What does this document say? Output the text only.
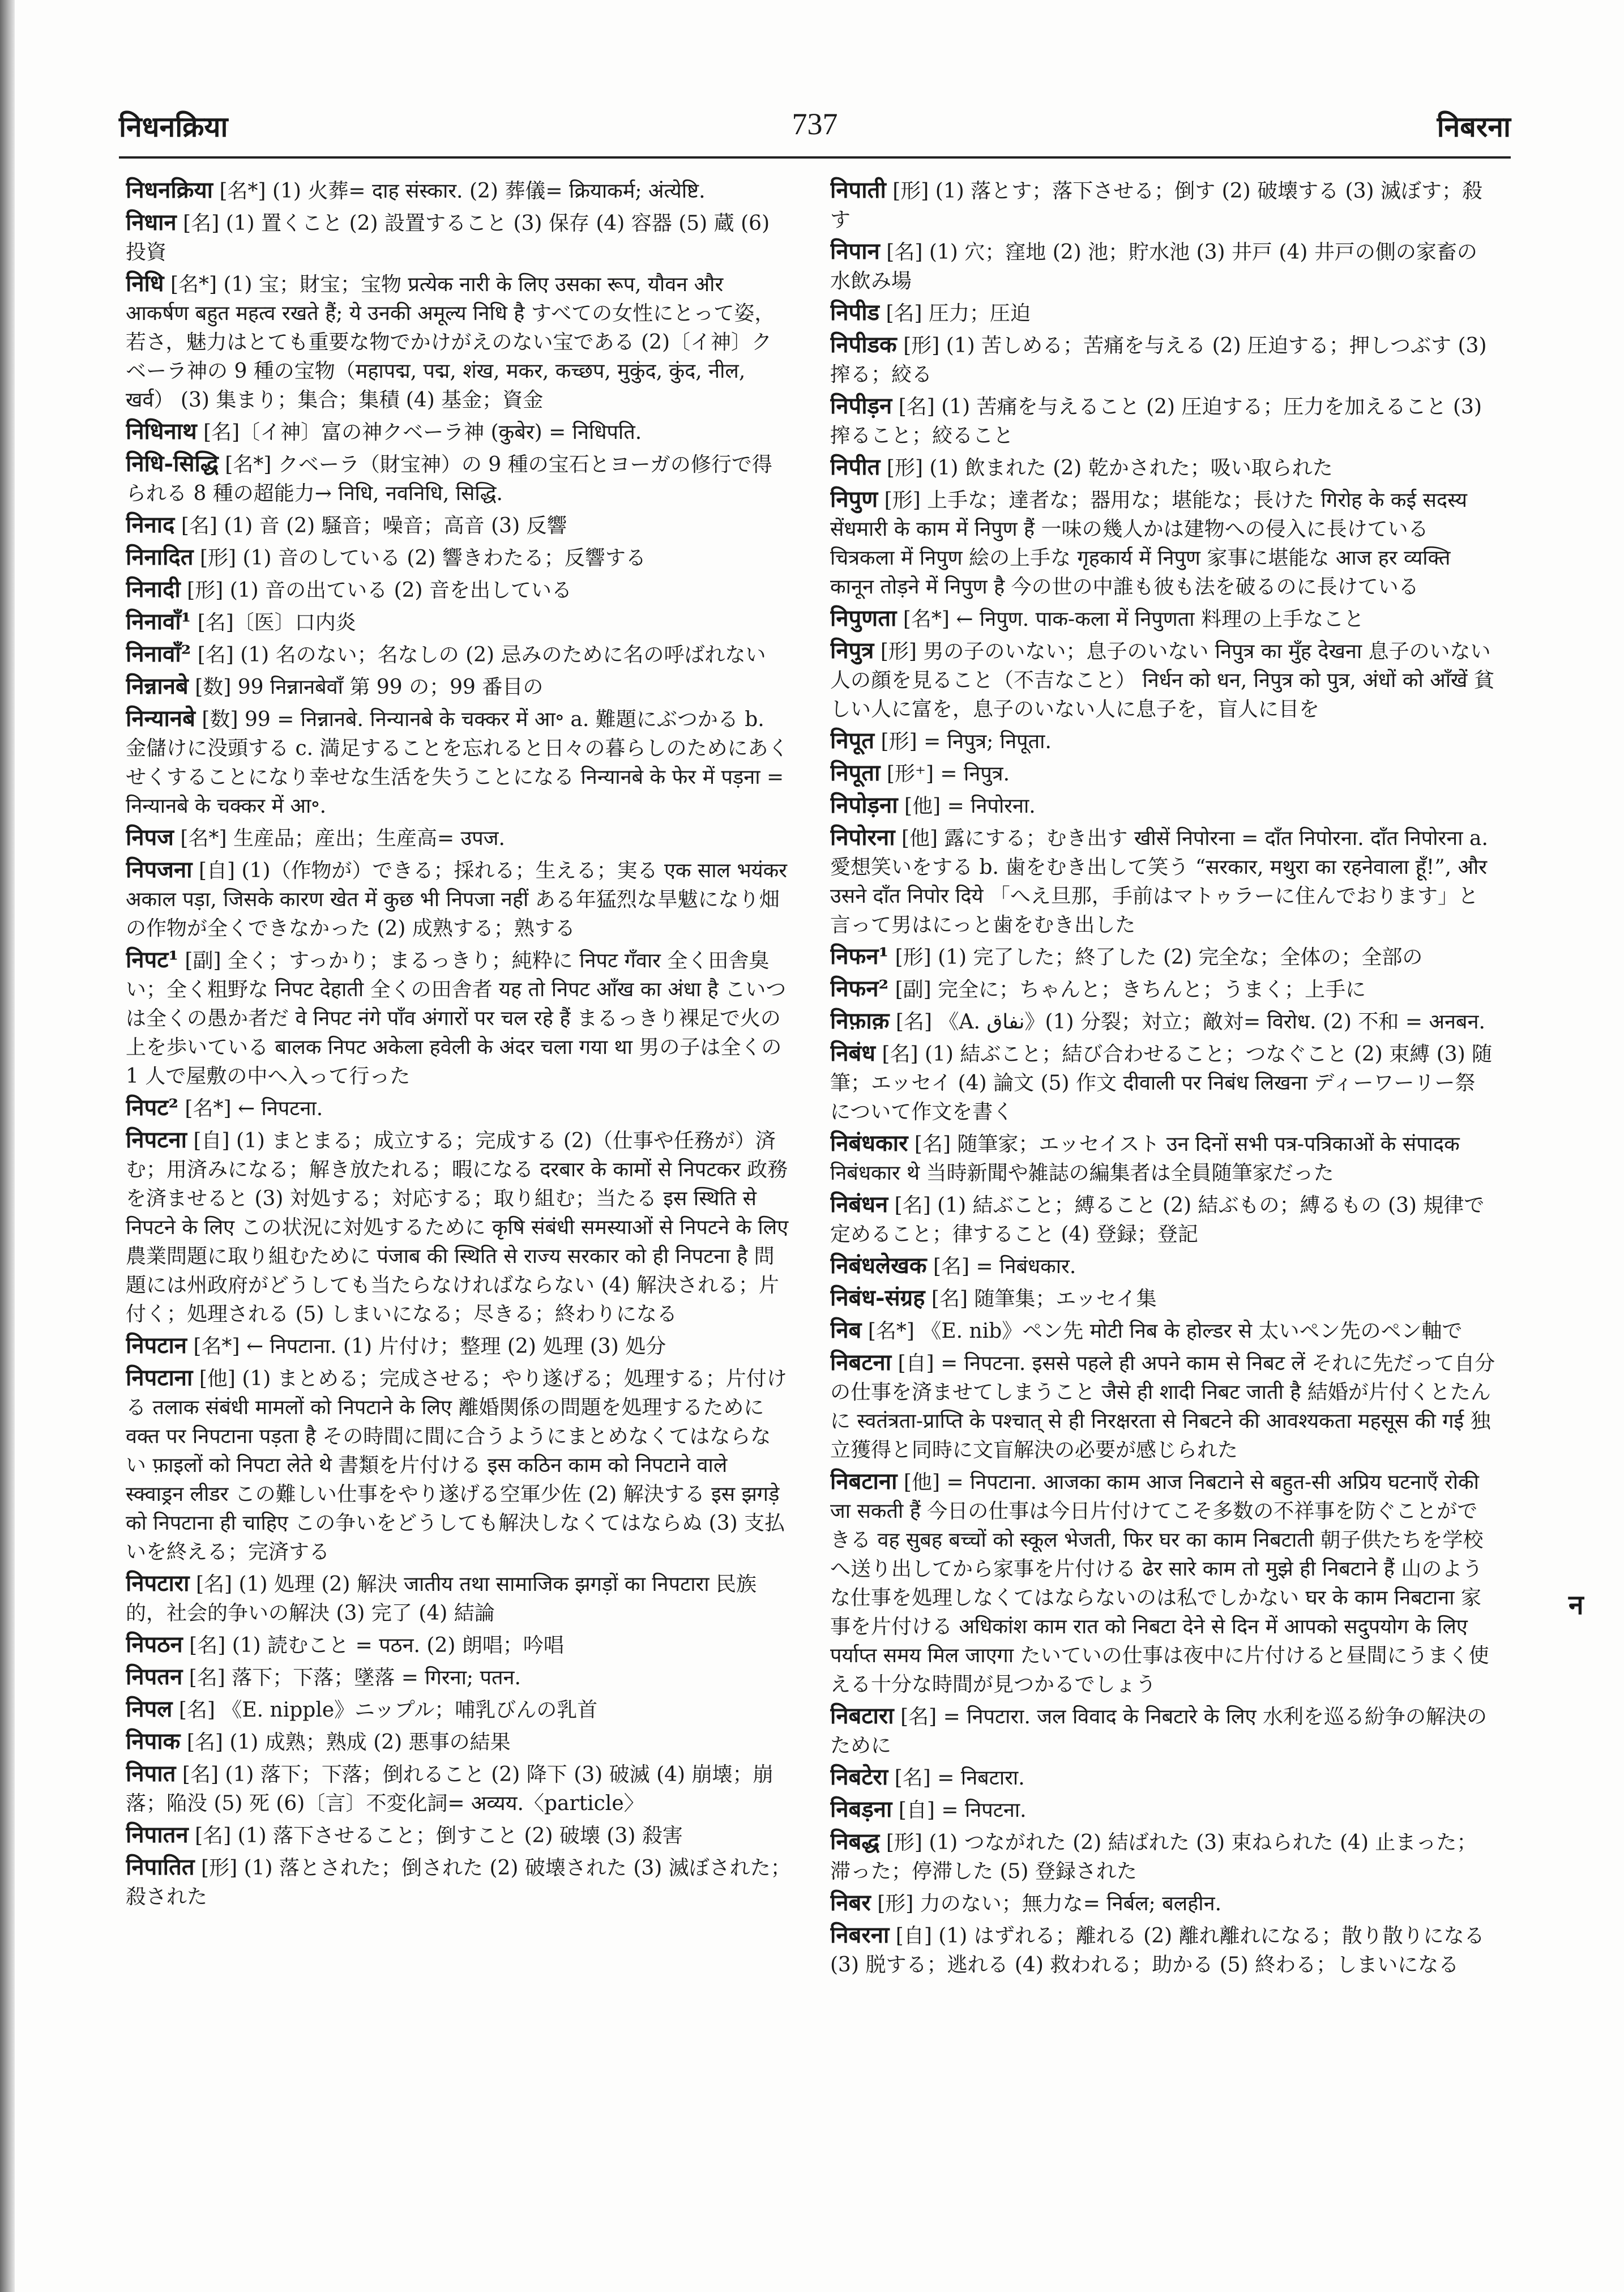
निधनक्रिया	737	निबरना
निधनक्रिया [名*] (1) 火葬= दाह संस्कार. (2) 葬儀= क्रियाकर्म; अंत्येष्टि.
निधान [名] (1) 置くこと (2) 設置すること (3) 保存 (4) 容器 (5) 蔵 (6) 投資
निधि [名*] (1) 宝；財宝；宝物 प्रत्येक नारी के लिए उसका रूप, यौवन और आकर्षण बहुत महत्व रखते हैं; ये उनकी अमूल्य निधि है すべての女性にとって姿，若さ，魅力はとても重要な物でかけがえのない宝である (2)〔イ神〕クベーラ神の 9 種の宝物（महापद्म, पद्म, शंख, मकर, कच्छप, मुकुंद, कुंद, नील, खर्व） (3) 集まり；集合；集積 (4) 基金；資金
निधिनाथ [名]〔イ神〕富の神クベーラ神 (कुबेर) = निधिपति.
निधि-सिद्धि [名*] クベーラ（財宝神）の 9 種の宝石とヨーガの修行で得られる 8 種の超能力→ निधि, नवनिधि, सिद्धि.
निनाद [名] (1) 音 (2) 騒音；噪音；高音 (3) 反響
निनादित [形] (1) 音のしている (2) 響きわたる；反響する
निनादी [形] (1) 音の出ている (2) 音を出している
निनावाँ¹ [名]〔医〕口内炎
निनावाँ² [名] (1) 名のない；名なしの (2) 忌みのために名の呼ばれない
निन्नानबे [数] 99 निन्नानबेवाँ 第 99 の；99 番目の
निन्यानबे [数] 99 = निन्नानबे. निन्यानबे के चक्कर में आ॰ a. 難題にぶつかる b. 金儲けに没頭する c. 満足することを忘れると日々の暮らしのためにあくせくすることになり幸せな生活を失うことになる निन्यानबे के फेर में पड़ना = निन्यानबे के चक्कर में आ॰.
निपज [名*] 生産品；産出；生産高= उपज.
निपजना [自] (1)（作物が）できる；採れる；生える；実る एक साल भयंकर अकाल पड़ा, जिसके कारण खेत में कुछ भी निपजा नहीं ある年猛烈な旱魃になり畑の作物が全くできなかった (2) 成熟する；熟する
निपट¹ [副] 全く；すっかり；まるっきり；純粋に निपट गँवार 全く田舎臭い；全く粗野な निपट देहाती 全くの田舎者 यह तो निपट आँख का अंधा है こいつは全くの愚か者だ वे निपट नंगे पाँव अंगारों पर चल रहे हैं まるっきり裸足で火の上を歩いている बालक निपट अकेला हवेली के अंदर चला गया था 男の子は全くの 1 人で屋敷の中へ入って行った
निपट² [名*] ← निपटना.
निपटना [自] (1) まとまる；成立する；完成する (2)（仕事や任務が）済む；用済みになる；解き放たれる；暇になる दरबार के कामों से निपटकर 政務を済ませると (3) 対処する；対応する；取り組む；当たる इस स्थिति से निपटने के लिए この状況に対処するために कृषि संबंधी समस्याओं से निपटने के लिए 農業問題に取り組むために पंजाब की स्थिति से राज्य सरकार को ही निपटना है 問題には州政府がどうしても当たらなければならない (4) 解決される；片付く；処理される (5) しまいになる；尽きる；終わりになる
निपटान [名*] ← निपटाना. (1) 片付け；整理 (2) 処理 (3) 処分
निपटाना [他] (1) まとめる；完成させる；やり遂げる；処理する；片付ける तलाक संबंधी मामलों को निपटाने के लिए 離婚関係の問題を処理するために वक्त पर निपटाना पड़ता है その時間に間に合うようにまとめなくてはならない फ़ाइलों को निपटा लेते थे 書類を片付ける इस कठिन काम को निपटाने वाले स्क्वाड्रन लीडर この難しい仕事をやり遂げる空軍少佐 (2) 解決する इस झगड़े को निपटाना ही चाहिए この争いをどうしても解決しなくてはならぬ (3) 支払いを終える；完済する
निपटारा [名] (1) 処理 (2) 解決 जातीय तथा सामाजिक झगड़ों का निपटारा 民族的，社会的争いの解決 (3) 完了 (4) 結論
निपठन [名] (1) 読むこと = पठन. (2) 朗唱；吟唱
निपतन [名] 落下；下落；墜落 = गिरना; पतन.
निपल [名] 《E. nipple》ニップル；哺乳びんの乳首
निपाक [名] (1) 成熟；熟成 (2) 悪事の結果
निपात [名] (1) 落下；下落；倒れること (2) 降下 (3) 破滅 (4) 崩壊；崩落；陥没 (5) 死 (6)〔言〕不変化詞= अव्यय.〈particle〉
निपातन [名] (1) 落下させること；倒すこと (2) 破壊 (3) 殺害
निपातित [形] (1) 落とされた；倒された (2) 破壊された (3) 滅ぼされた；殺された
निपाती [形] (1) 落とす；落下させる；倒す (2) 破壊する (3) 滅ぼす；殺す
निपान [名] (1) 穴；窪地 (2) 池；貯水池 (3) 井戸 (4) 井戸の側の家畜の水飲み場
निपीड [名] 圧力；圧迫
निपीडक [形] (1) 苦しめる；苦痛を与える (2) 圧迫する；押しつぶす (3) 搾る；絞る
निपीड़न [名] (1) 苦痛を与えること (2) 圧迫する；圧力を加えること (3) 搾ること；絞ること
निपीत [形] (1) 飲まれた (2) 乾かされた；吸い取られた
निपुण [形] 上手な；達者な；器用な；堪能な；長けた गिरोह के कई सदस्य सेंधमारी के काम में निपुण हैं 一味の幾人かは建物への侵入に長けている चित्रकला में निपुण 絵の上手な गृहकार्य में निपुण 家事に堪能な आज हर व्यक्ति कानून तोड़ने में निपुण है 今の世の中誰も彼も法を破るのに長けている
निपुणता [名*] ← निपुण. पाक-कला में निपुणता 料理の上手なこと
निपुत्र [形] 男の子のいない；息子のいない निपुत्र का मुँह देखना 息子のいない人の顔を見ること（不吉なこと） निर्धन को धन, निपुत्र को पुत्र, अंधों को आँखें 貧しい人に富を，息子のいない人に息子を，盲人に目を
निपूत [形] = निपुत्र; निपूता.
निपूता [形⁺] = निपुत्र.
निपोड़ना [他] = निपोरना.
निपोरना [他] 露にする；むき出す खीसें निपोरना = दाँत निपोरना. दाँत निपोरना a. 愛想笑いをする b. 歯をむき出して笑う “सरकार, मथुरा का रहनेवाला हूँ!”, और उसने दाँत निपोर दिये 「へえ旦那，手前はマトゥラーに住んでおります」と言って男はにっと歯をむき出した
निफन¹ [形] (1) 完了した；終了した (2) 完全な；全体の；全部の
निफन² [副] 完全に；ちゃんと；きちんと；うまく；上手に
निफ़ाक़ [名] 《A. نفاق》(1) 分裂；対立；敵対= विरोध. (2) 不和 = अनबन.
निबंध [名] (1) 結ぶこと；結び合わせること；つなぐこと (2) 束縛 (3) 随筆；エッセイ (4) 論文 (5) 作文 दीवाली पर निबंध लिखना ディーワーリー祭について作文を書く
निबंधकार [名] 随筆家；エッセイスト उन दिनों सभी पत्र-पत्रिकाओं के संपादक निबंधकार थे 当時新聞や雑誌の編集者は全員随筆家だった
निबंधन [名] (1) 結ぶこと；縛ること (2) 結ぶもの；縛るもの (3) 規律で定めること；律すること (4) 登録；登記
निबंधलेखक [名] = निबंधकार.
निबंध-संग्रह [名] 随筆集；エッセイ集
निब [名*] 《E. nib》ペン先 मोटी निब के होल्डर से 太いペン先のペン軸で
निबटना [自] = निपटना. इससे पहले ही अपने काम से निबट लें それに先だって自分の仕事を済ませてしまうこと जैसे ही शादी निबट जाती है 結婚が片付くとたんに स्वतंत्रता-प्राप्ति के पश्चात् से ही निरक्षरता से निबटने की आवश्यकता महसूस की गई 独立獲得と同時に文盲解決の必要が感じられた
निबटाना [他] = निपटाना. आजका काम आज निबटाने से बहुत-सी अप्रिय घटनाएँ रोकी जा सकती हैं 今日の仕事は今日片付けてこそ多数の不祥事を防ぐことができる वह सुबह बच्चों को स्कूल भेजती, फिर घर का काम निबटाती 朝子供たちを学校へ送り出してから家事を片付ける ढेर सारे काम तो मुझे ही निबटाने हैं 山のような仕事を処理しなくてはならないのは私でしかない घर के काम निबटाना 家事を片付ける अधिकांश काम रात को निबटा देने से दिन में आपको सदुपयोग के लिए पर्याप्त समय मिल जाएगा たいていの仕事は夜中に片付けると昼間にうまく使える十分な時間が見つかるでしょう
निबटारा [名] = निपटारा. जल विवाद के निबटारे के लिए 水利を巡る紛争の解決のために
निबटेरा [名] = निबटारा.
निबड़ना [自] = निपटना.
निबद्ध [形] (1) つながれた (2) 結ばれた (3) 束ねられた (4) 止まった；滞った；停滞した (5) 登録された
निबर [形] 力のない；無力な= निर्बल; बलहीन.
निबरना [自] (1) はずれる；離れる (2) 離れ離れになる；散り散りになる (3) 脱する；逃れる (4) 救われる；助かる (5) 終わる；しまいになる
न
